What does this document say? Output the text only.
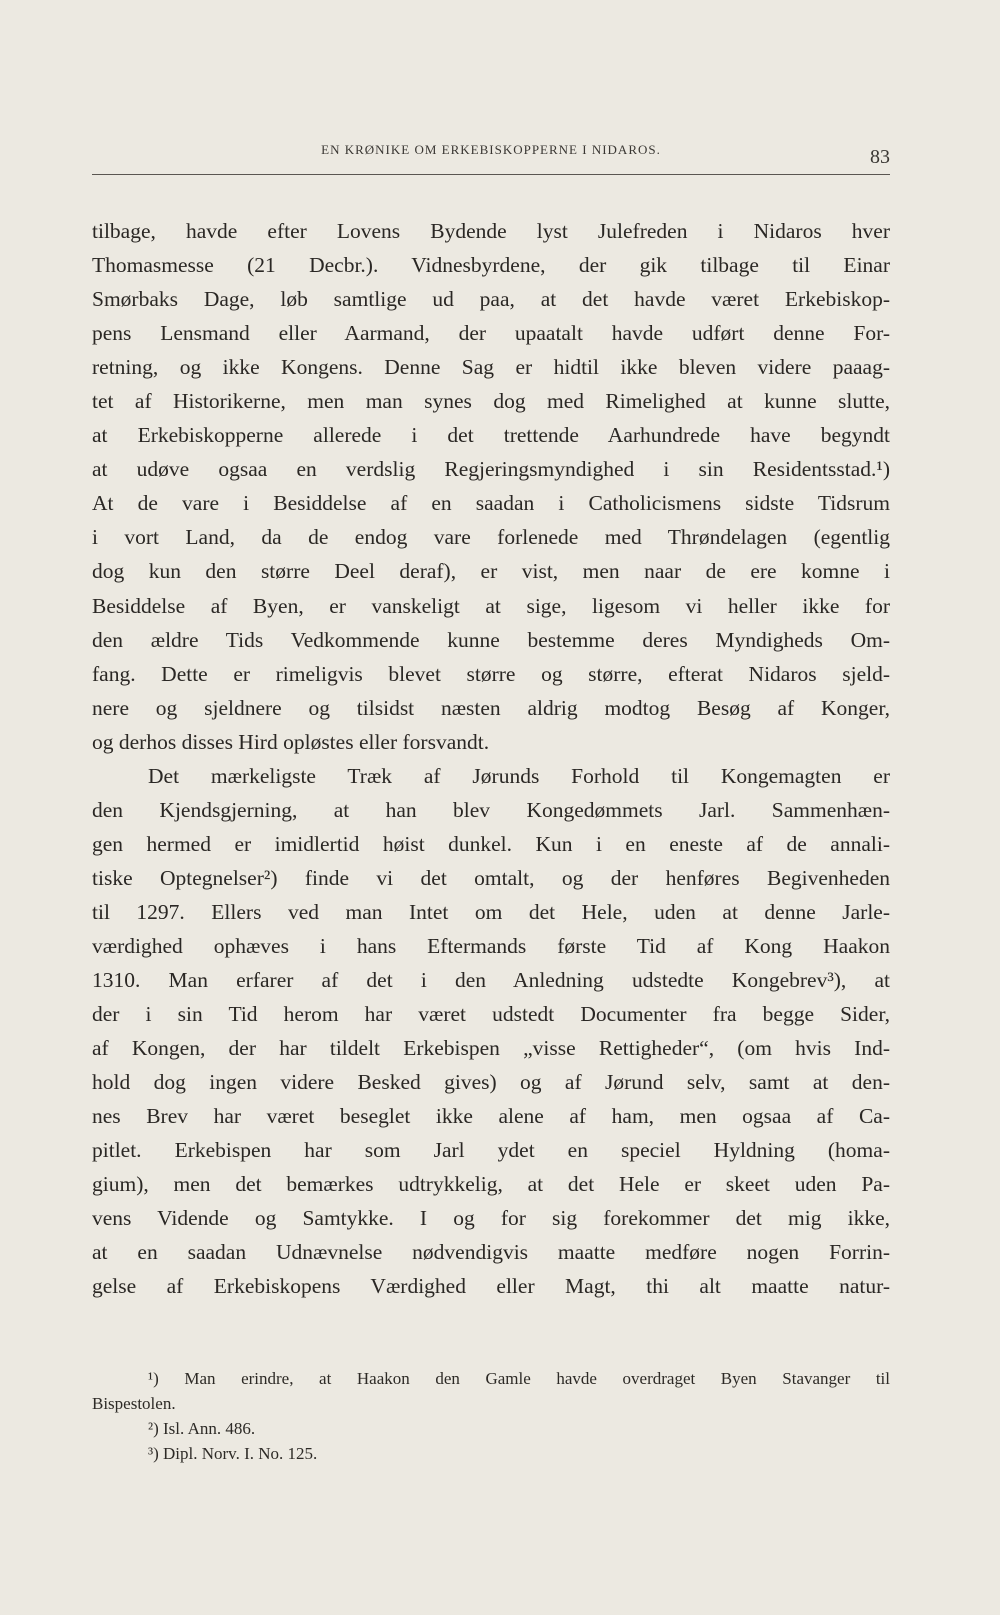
EN KRØNIKE OM ERKEBISKOPPERNE I NIDAROS.	83
tilbage, havde efter Lovens Bydende lyst Julefreden i Nidaros hver
Thomasmesse (21 Decbr.). Vidnesbyrdene, der gik tilbage til Einar
Smørbaks Dage, løb samtlige ud paa, at det havde været Erkebiskop-
pens Lensmand eller Aarmand, der upaatalt havde udført denne For-
retning, og ikke Kongens. Denne Sag er hidtil ikke bleven videre paaag-
tet af Historikerne, men man synes dog med Rimelighed at kunne slutte,
at Erkebiskopperne allerede i det trettende Aarhundrede have begyndt
at udøve ogsaa en verdslig Regjeringsmyndighed i sin Residentsstad.¹)
At de vare i Besiddelse af en saadan i Catholicismens sidste Tidsrum
i vort Land, da de endog vare forlenede med Thrøndelagen (egentlig
dog kun den større Deel deraf), er vist, men naar de ere komne i
Besiddelse af Byen, er vanskeligt at sige, ligesom vi heller ikke for
den ældre Tids Vedkommende kunne bestemme deres Myndigheds Om-
fang. Dette er rimeligvis blevet større og større, efterat Nidaros sjeld-
nere og sjeldnere og tilsidst næsten aldrig modtog Besøg af Konger,
og derhos disses Hird opløstes eller forsvandt.
Det mærkeligste Træk af Jørunds Forhold til Kongemagten er
den Kjendsgjerning, at han blev Kongedømmets Jarl. Sammenhæn-
gen hermed er imidlertid høist dunkel. Kun i en eneste af de annali-
tiske Optegnelser²) finde vi det omtalt, og der henføres Begivenheden
til 1297. Ellers ved man Intet om det Hele, uden at denne Jarle-
værdighed ophæves i hans Eftermands første Tid af Kong Haakon
1310. Man erfarer af det i den Anledning udstedte Kongebrev³), at
der i sin Tid herom har været udstedt Documenter fra begge Sider,
af Kongen, der har tildelt Erkebispen „visse Rettigheder“, (om hvis Ind-
hold dog ingen videre Besked gives) og af Jørund selv, samt at den-
nes Brev har været beseglet ikke alene af ham, men ogsaa af Ca-
pitlet. Erkebispen har som Jarl ydet en speciel Hyldning (homa-
gium), men det bemærkes udtrykkelig, at det Hele er skeet uden Pa-
vens Vidende og Samtykke. I og for sig forekommer det mig ikke,
at en saadan Udnævnelse nødvendigvis maatte medføre nogen Forrin-
gelse af Erkebiskopens Værdighed eller Magt, thi alt maatte natur-
¹) Man erindre, at Haakon den Gamle havde overdraget Byen Stavanger til
Bispestolen.
²) Isl. Ann. 486.
³) Dipl. Norv. I. No. 125.
